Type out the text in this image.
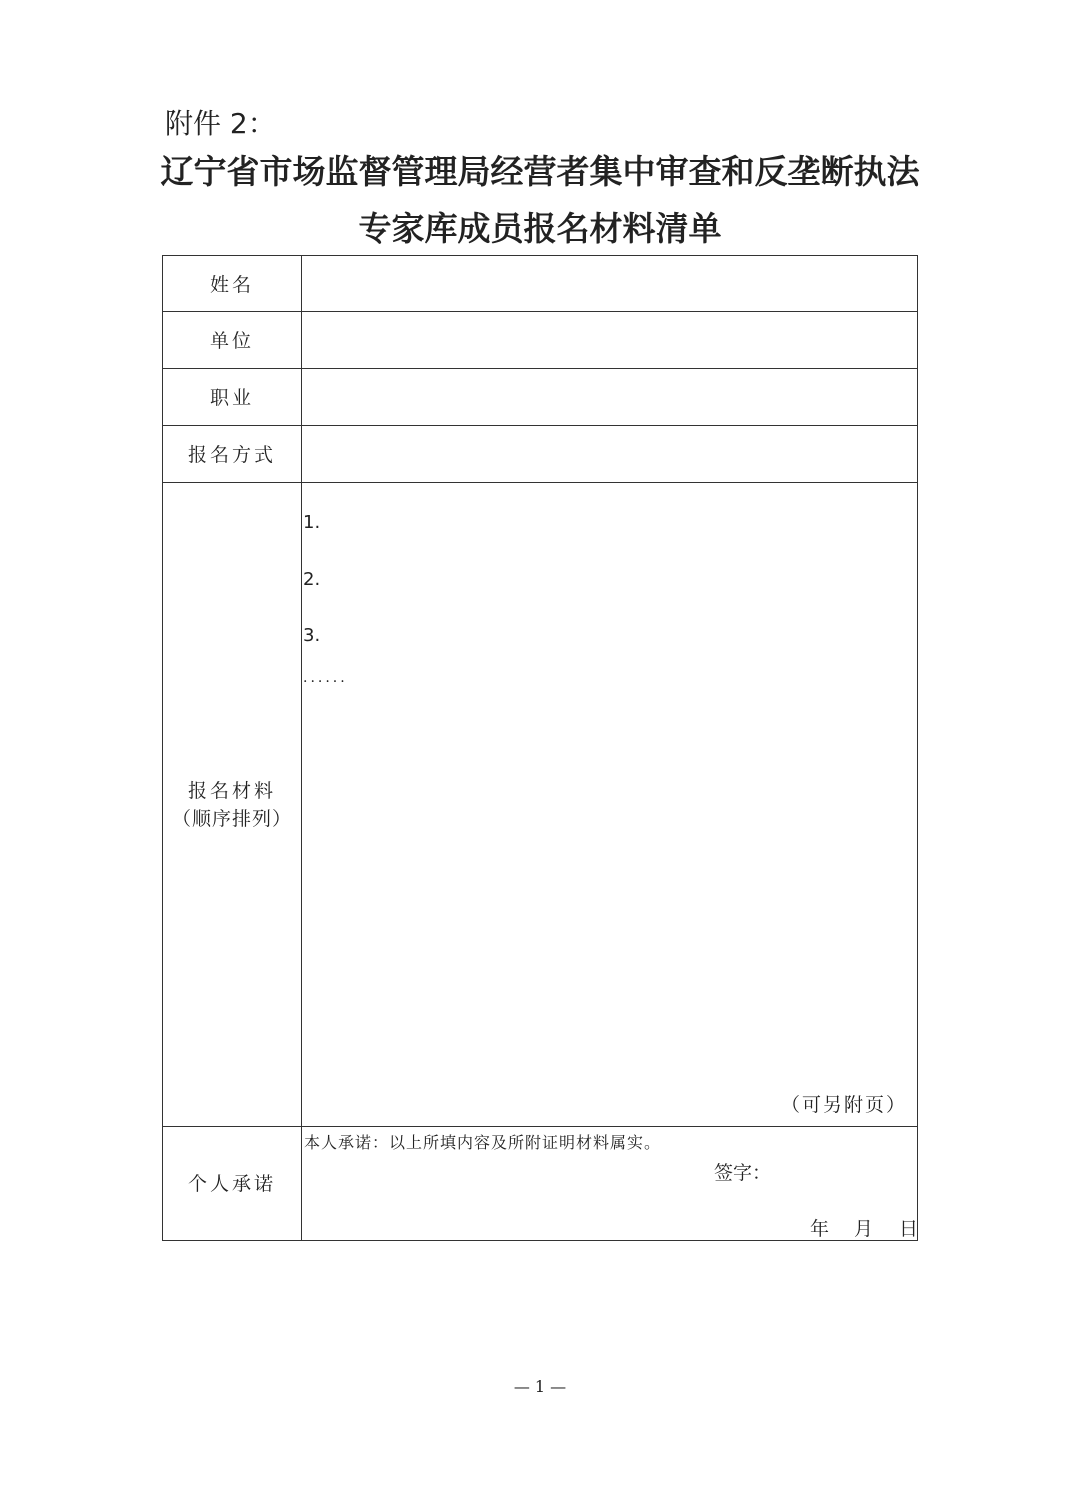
附件 2：
辽宁省市场监督管理局经营者集中审查和反垄断执法
专家库成员报名材料清单
姓名
单位
职业
报名方式
报名材料
（顺序排列）
个人承诺
1.
2.
3.
......
（可另附页）
本人承诺：以上所填内容及所附证明材料属实。
签字：
年 月 日
— 1 —
